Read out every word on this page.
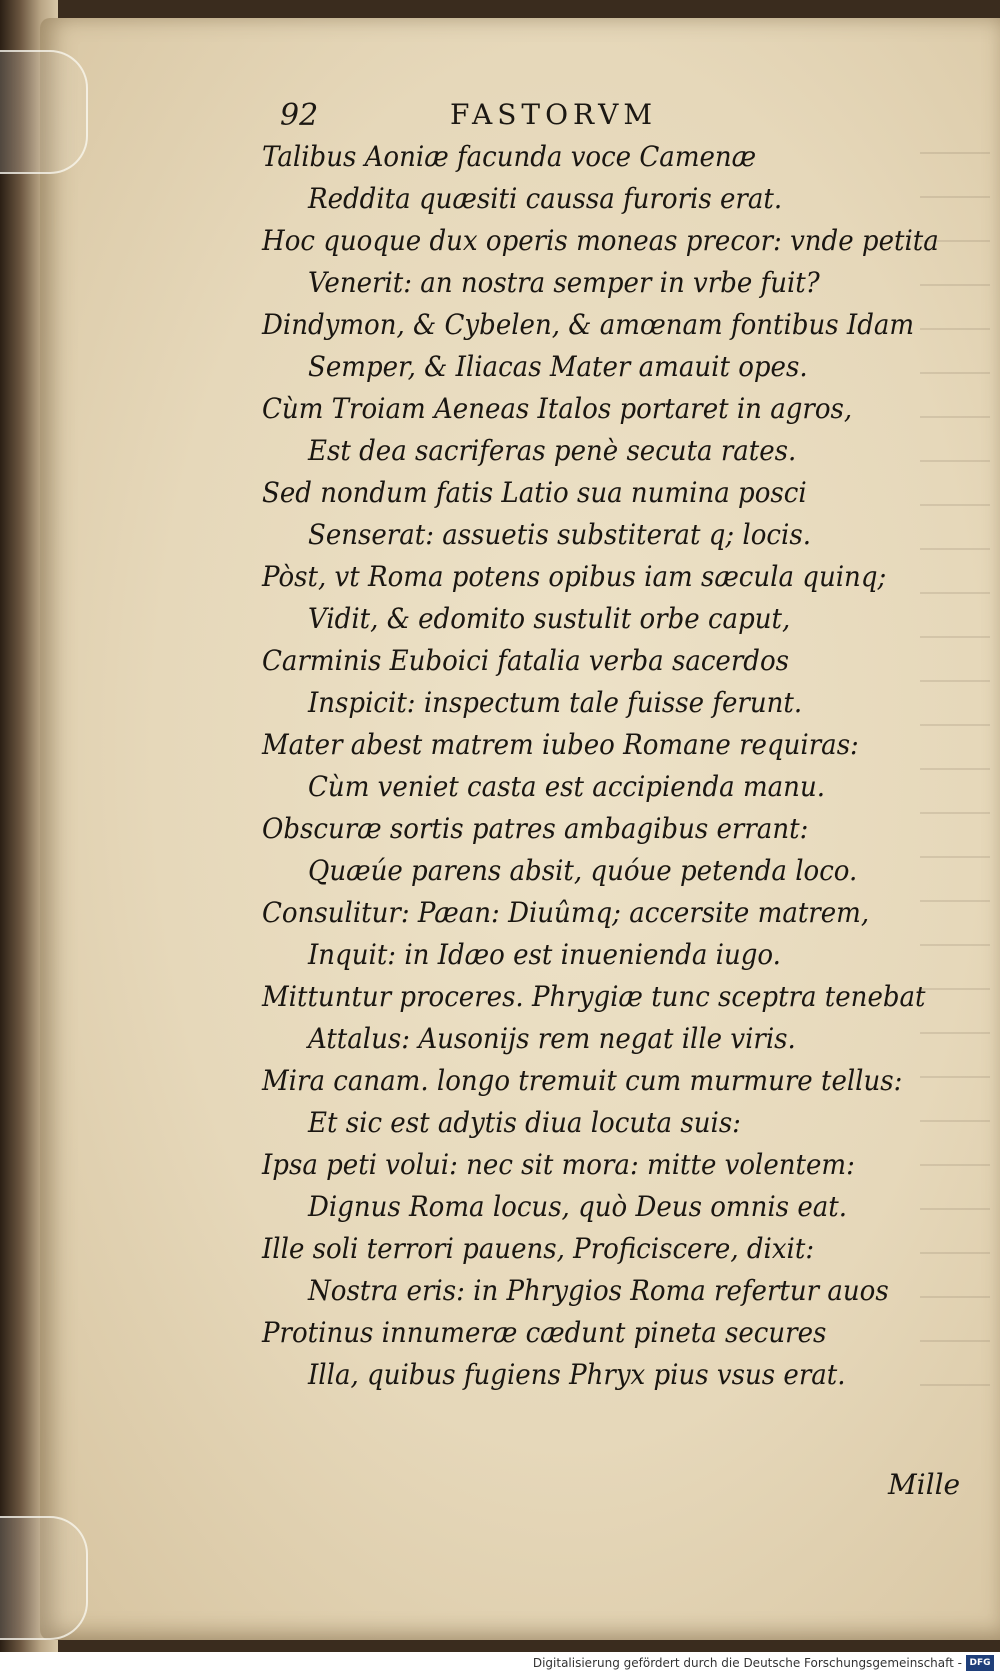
92	FASTORVM
Talibus Aoniæ facunda voce Camenæ
Reddita quæsiti caussa furoris erat.
Hoc quoque dux operis moneas precor: vnde petita
Venerit: an nostra semper in vrbe fuit?
Dindymon, & Cybelen, & amœnam fontibus Idam
Semper, & Iliacas Mater amauit opes.
Cùm Troiam Aeneas Italos portaret in agros,
Est dea sacriferas penè secuta rates.
Sed nondum fatis Latio sua numina posci
Senserat: assuetis substiterat q; locis.
Pòst, vt Roma potens opibus iam sæcula quinq;
Vidit, & edomito sustulit orbe caput,
Carminis Euboici fatalia verba sacerdos
Inspicit: inspectum tale fuisse ferunt.
Mater abest matrem iubeo Romane requiras:
Cùm veniet casta est accipienda manu.
Obscuræ sortis patres ambagibus errant:
Quæúe parens absit, quóue petenda loco.
Consulitur: Pæan: Diuûmq; accersite matrem,
Inquit: in Idæo est inuenienda iugo.
Mittuntur proceres. Phrygiæ tunc sceptra tenebat
Attalus: Ausonijs rem negat ille viris.
Mira canam. longo tremuit cum murmure tellus:
Et sic est adytis diua locuta suis:
Ipsa peti volui: nec sit mora: mitte volentem:
Dignus Roma locus, quò Deus omnis eat.
Ille soli terrori pauens, Proficiscere, dixit:
Nostra eris: in Phrygios Roma refertur auos
Protinus innumeræ cædunt pineta secures
Illa, quibus fugiens Phryx pius vsus erat.
Mille
Digitalisierung gefördert durch die Deutsche Forschungsgemeinschaft - DFG
